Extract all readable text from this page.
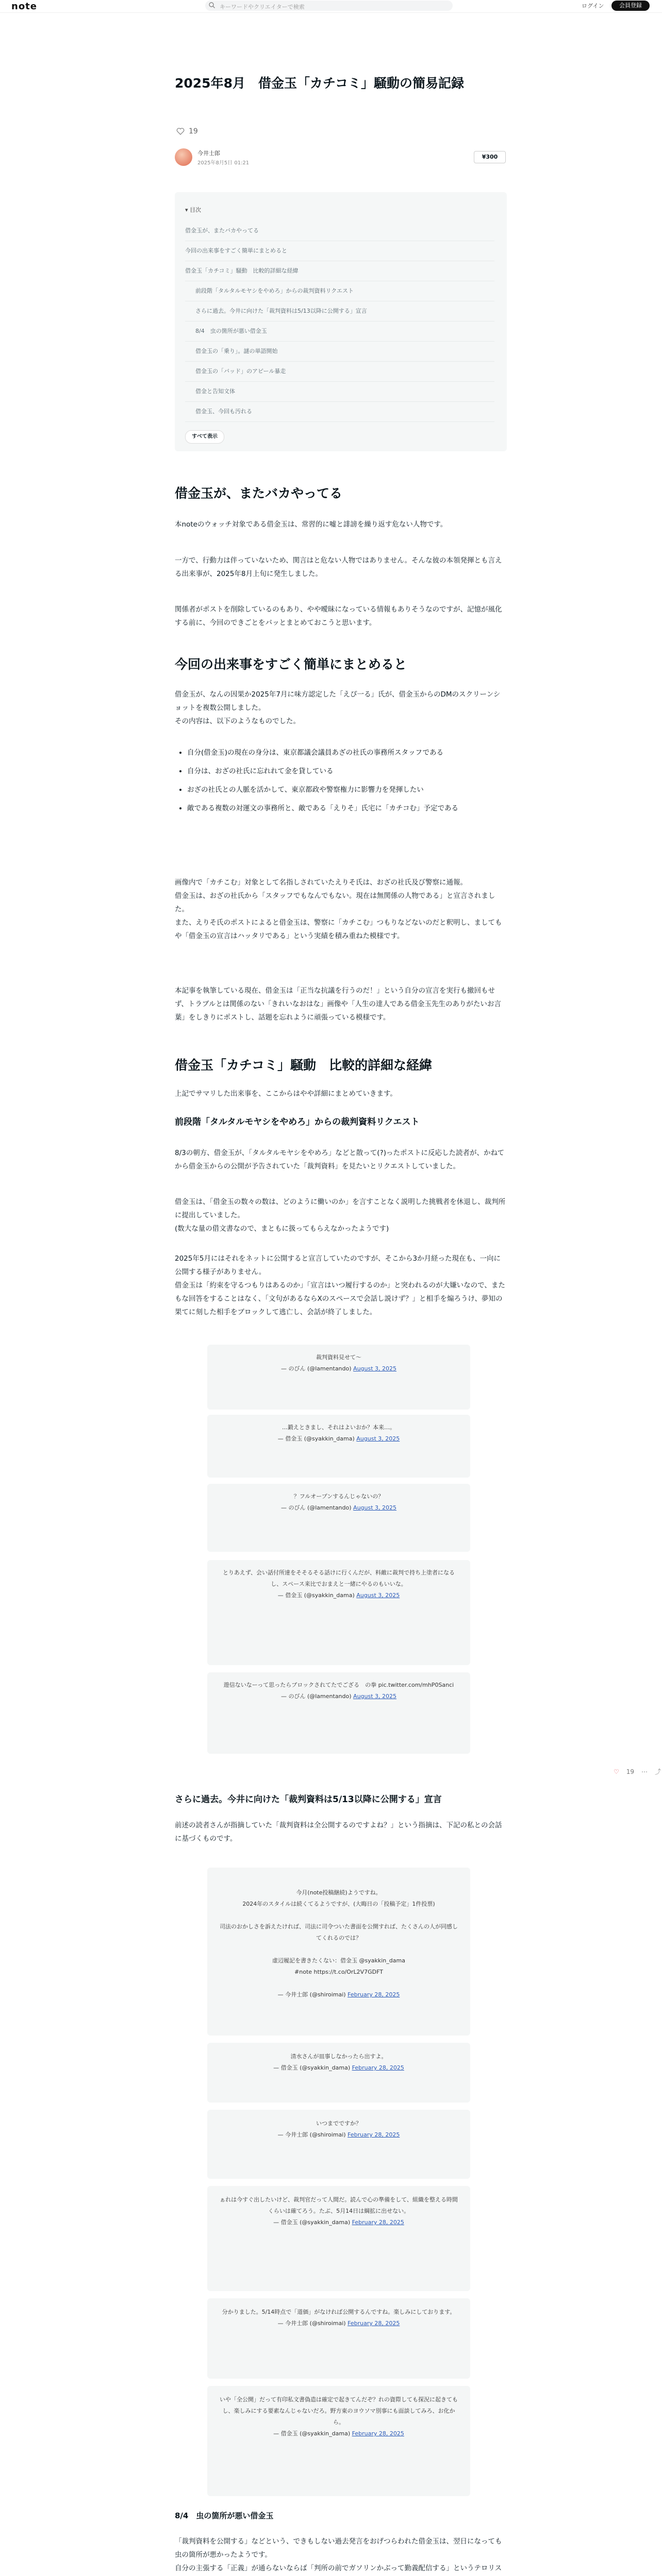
note	キーワードやクリエイターで検索	ログイン	会員登録
2025年8月　借金玉「カチコミ」騒動の簡易記録
19
今井士郎
2025年8月5日 01:21
¥300
▾ 目次
借金玉が、またバカやってる
今回の出来事をすごく簡単にまとめると
借金玉「カチコミ」騒動　比較的詳細な経緯
前段階「タルタルモヤシをやめろ」からの裁判資料リクエスト
さらに過去。今井に向けた「裁判資料は5/13以降に公開する」宣言
8/4　虫の箇所が悪い借金玉
借金玉の「乗り」。謎の単語開始
借金玉の「バッド」のアピール暴走
借金と告知文体
借金玉、今回も汚れる
すべて表示
借金玉が、またバカやってる

本noteのウォッチ対象である借金玉は、常習的に嘘と誹謗を繰り返す危ない人物です。

一方で、行動力は伴っていないため、関言はと危ない人物ではありません。そんな彼の本領発揮とも言える出来事が、2025年8月上旬に発生しました。

関係者がポストを削除しているのもあり、やや曖昧になっている情報もありそうなのですが、記憶が風化する前に、今回のできごとをパッとまとめておこうと思います。

今回の出来事をすごく簡単にまとめると

借金玉が、なんの因果か2025年7月に味方認定した「えぴ一る」氏が、借金玉からのDMのスクリーンショットを複数公開しました。
その内容は、以下のようなものでした。

• 自分(借金玉)の現在の身分は、東京都議会議員あざの社氏の事務所スタッフである
• 自分は、おざの社氏に忘れれて金を貸している
• おざの社氏との人脈を活かして、東京都政や警察権力に影響力を発揮したい
• 敵である複数の対運文の事務所と、敵である「えりそ」氏宅に「カチコむ」予定である

画像内で「カチこむ」対象として名指しされていたえりそ氏は、おざの社氏及び警察に通報。
借金玉は、おざの社氏から「スタッフでもなんでもない。現在は無関係の人物である」と宣言されました。
また、えりそ氏のポストによると借金玉は、警察に「カチこむ」つもりなどないのだと釈明し、ましてもや「借金玉の宣言はハッタリである」という実績を積み重ねた模様です。

本記事を執筆している現在、借金玉は「正当な抗議を行うのだ！」という自分の宣言を実行も撤回もせず、トラブルとは関係のない「きれいなおはな」画像や「人生の達人である借金玉先生のありがたいお言葉」をしきりにポストし、話題を忘れように頑張っている模様です。

借金玉「カチコミ」騒動　比較的詳細な経緯

上記でサマリした出来事を、ここからはやや詳細にまとめていきます。

前段階「タルタルモヤシをやめろ」からの裁判資料リクエスト

8/3の朝方、借金玉が、「タルタルモヤシをやめろ」などと散って(?)ったポストに反応した読者が、かねてから借金玉からの公開が予告されていた「裁判資料」を見たいとリクエストしていました。

借金玉は、「借金玉の数々の数は、どのように働いのか」を言すことなく説明した挑戦者を休退し、裁判所に提出していました。
(数大な量の借文書なので、まともに扱ってもらえなかったようです)

2025年5月にはそれをネットに公開すると宣言していたのですが、そこから3か月経った現在も、一向に公開する様子がありません。
借金玉は「約束を守るつもりはあるのか」「宣言はいつ履行するのか」と突われるのが大嫌いなので、またもな回答をすることはなく、「文句があるならXのスペースで会話し説けず？」と相手を煽ろうけ、夢知の果てに刻した相手をブロックして逃亡し、会話が終了しました。

裁判資料見せて〜
— のびん (@lamentando) August 3, 2025
…鍛えときまし、それはよいおか？本来…。
— 借金玉 (@syakkin_dama) August 3, 2025
？フルオープンするんじゃないの？
— のびん (@lamentando) August 3, 2025
とりあえず、会い話付所達をそそるそる話けに行くんだが、料敵に裁判で持ち上塗者になるし、スペース来比でおまえと一緒にやるのもいいな。
— 借金玉 (@syakkin_dama) August 3, 2025
遊信ないなーって思ったらブロックされてたでござる　の拳 pic.twitter.com/mhP0Sanci
— のびん (@lamentando) August 3, 2025
♡ 19 ⋯ ⤴
さらに過去。今井に向けた「裁判資料は5/13以降に公開する」宣言

前述の読者さんが指摘していた「裁判資料は全公開するのですよね？」という指摘は、下記の私との会話に基づくものです。

今月(note投稿継続)ようですね。
2024年のスタイルは続くてるようですが、(大晦日の「投稿予定」1件投票)

司法のおかしさを訴えたければ、司法に司令ついた書面を公開すれば、たくさんの人が同感してくれるのでは？

虚辺履記を書きたくない：借金玉 @syakkin_dama
#note https://t.co/OrL2V7GDFT

— 今井士郎 (@shiroimai) February 28, 2025

清水さんが皿事しなかったら出すよ。
— 借金玉 (@syakkin_dama) February 28, 2025
いつまでですか？
— 今井士郎 (@shiroimai) February 28, 2025
ぁれは今すぐ出したいけど、裁判官だって人間だ。読んで心の準備をして、組織を整える時間くらいは確てろう。たぶ、5月14日は綱拡に出せない。
— 借金玉 (@syakkin_dama) February 28, 2025
分かりました。5/14時点で「道価」がなければ公開するんですね。楽しみにしております。
— 今井士郎 (@shiroimai) February 28, 2025
いや「全公開」だって有印私文書偽造は確定で起きてんだぞ？れの資際しても探況に起きてもし、楽しみにする要素なんじゃないだろ。野方東のヨウソマ別事にも面談してみろ、お化から。
— 借金玉 (@syakkin_dama) February 28, 2025
8/4　虫の箇所が悪い借金玉

「裁判資料を公開する」などという、できもしない過去発言をおげつらわれた借金玉は、翌日になっても虫の箇所が悪かったようです。
自分の主張する「正義」が通らないならば「判所の前でガソリンかぶって勤義配信する」というテロリス
